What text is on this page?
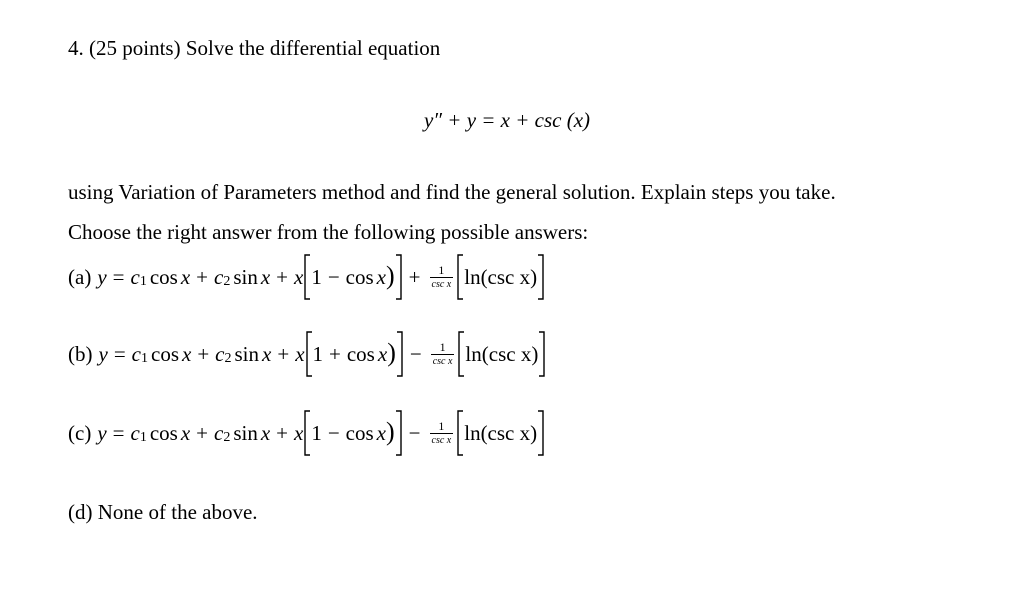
4. (25 points) Solve the differential equation
y″ + y = x + csc (x)
using Variation of Parameters method and find the general solution. Explain steps you take.
Choose the right answer from the following possible answers:
(a) y = c 1 cos x + c 2 sin x + x 1 − cos x ) + $\frac{1}{\text{csc x}} \ln(\csc$ x)
(b) y = c 1 cos x + c 2 sin x + x 1 + cos x ) − $\frac{1}{\text{csc x}} \ln(\csc$ x)
(c) y = c 1 cos x + c 2 sin x + x 1 − cos x ) − $\frac{1}{\text{csc x}} \ln(\csc$ x)
(d) None of the above.
